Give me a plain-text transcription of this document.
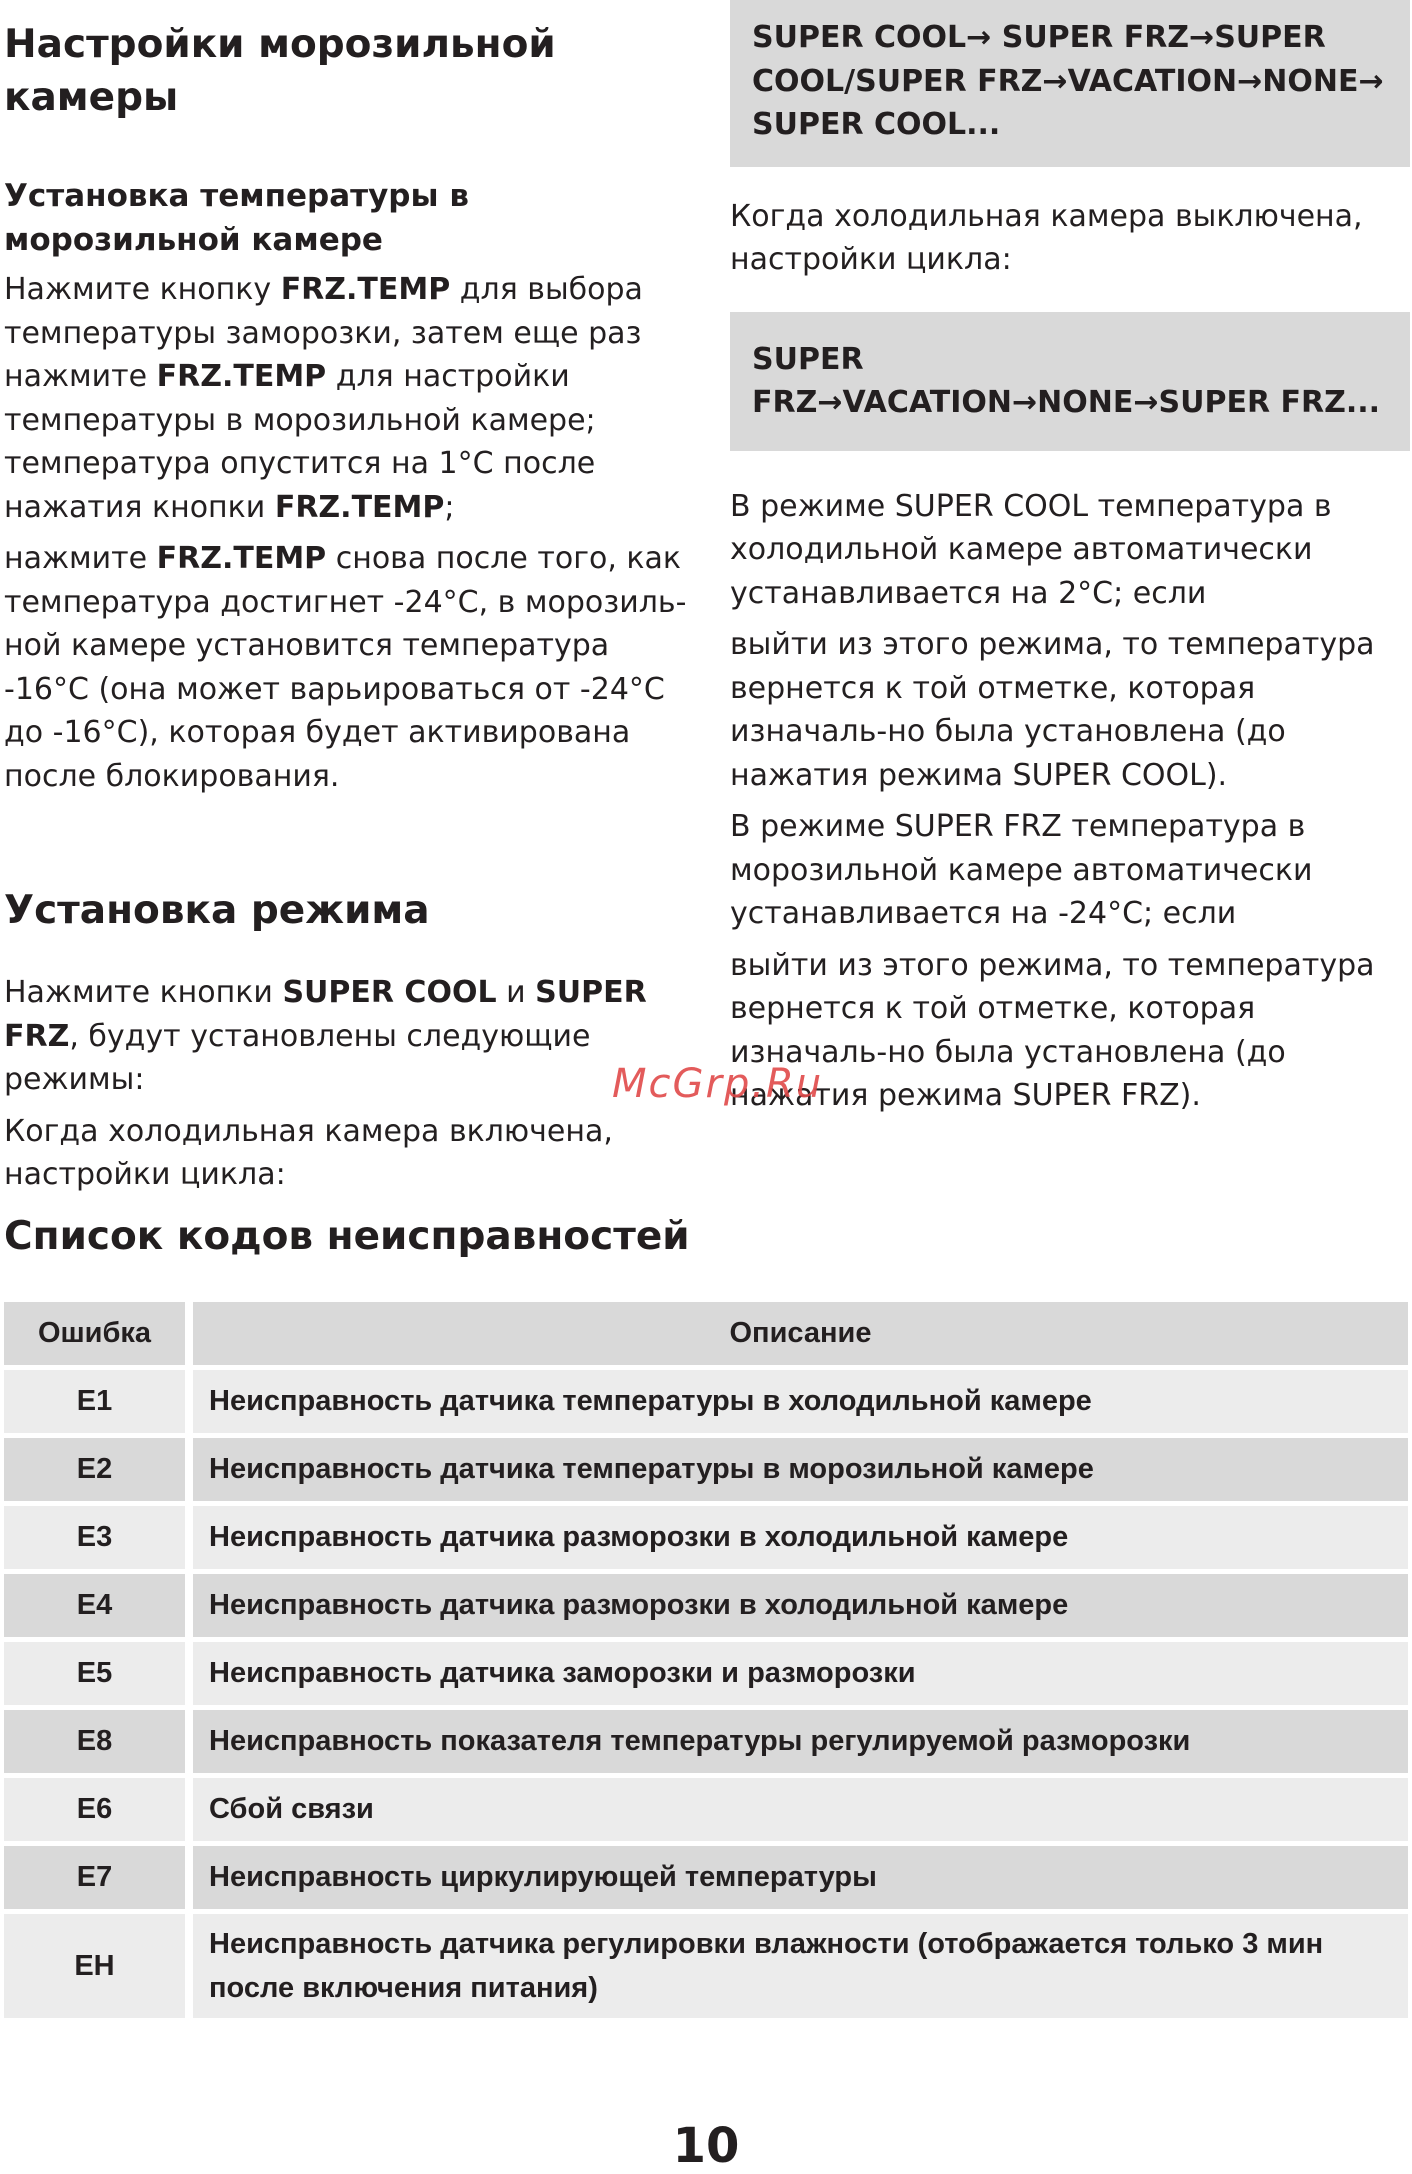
Настройки морозильной камеры
Установка температуры в морозильной камере

Нажмите кнопку FRZ.TEMP для выбора температуры заморозки, затем еще раз нажмите FRZ.TEMP для настройки температуры в морозильной камере; температура опустится на 1°C после нажатия кнопки FRZ.TEMP;

нажмите FRZ.TEMP снова после того, как температура достигнет -24°C, в морозиль-ной камере установится температура -16°C (она может варьироваться от -24°C до -16°C), которая будет активирована после блокирования.

Установка режима

Нажмите кнопки SUPER COOL и SUPER FRZ, будут установлены следующие режимы:

Когда холодильная камера включена, настройки цикла:

SUPER COOL→ SUPER FRZ→SUPER COOL/SUPER FRZ→VACATION→NONE→ SUPER COOL...

Когда холодильная камера выключена, настройки цикла:

SUPER FRZ→VACATION→NONE→SUPER FRZ...

В режиме SUPER COOL температура в холодильной камере автоматически устанавливается на 2°C; если

выйти из этого режима, то температура вернется к той отметке, которая изначаль-но была установлена (до нажатия режима SUPER COOL).

В режиме SUPER FRZ температура в морозильной камере автоматически устанавливается на -24°C; если

выйти из этого режима, то температура вернется к той отметке, которая изначаль-но была установлена (до нажатия режима SUPER FRZ).

McGrp.Ru
Список кодов неисправностей
Ошибка	Описание
E1	Неисправность датчика температуры в холодильной камере
E2	Неисправность датчика температуры в морозильной камере
E3	Неисправность датчика разморозки в холодильной камере
E4	Неисправность датчика разморозки в холодильной камере
E5	Неисправность датчика заморозки и разморозки
E8	Неисправность показателя температуры регулируемой разморозки
E6	Сбой связи
E7	Неисправность циркулирующей температуры
EH	Неисправность датчика регулировки влажности (отображается только 3 мин после включения питания)
10
